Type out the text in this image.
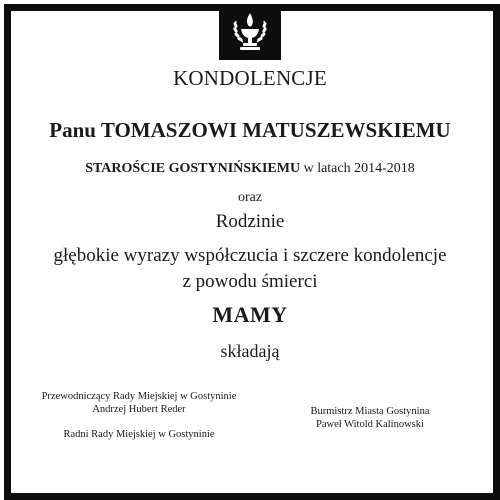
KONDOLENCJE
Panu TOMASZOWI MATUSZEWSKIEMU
STAROŚCIE GOSTYNIŃSKIEMU w latach 2014-2018
oraz
Rodzinie
głębokie wyrazy współczucia i szczere kondolencje
z powodu śmierci
MAMY
składają
Przewodniczący Rady Miejskiej w Gostyninie
Andrzej Hubert Reder
Radni Rady Miejskiej w Gostyninie
Burmistrz Miasta Gostynina
Paweł Witold Kalinowski
